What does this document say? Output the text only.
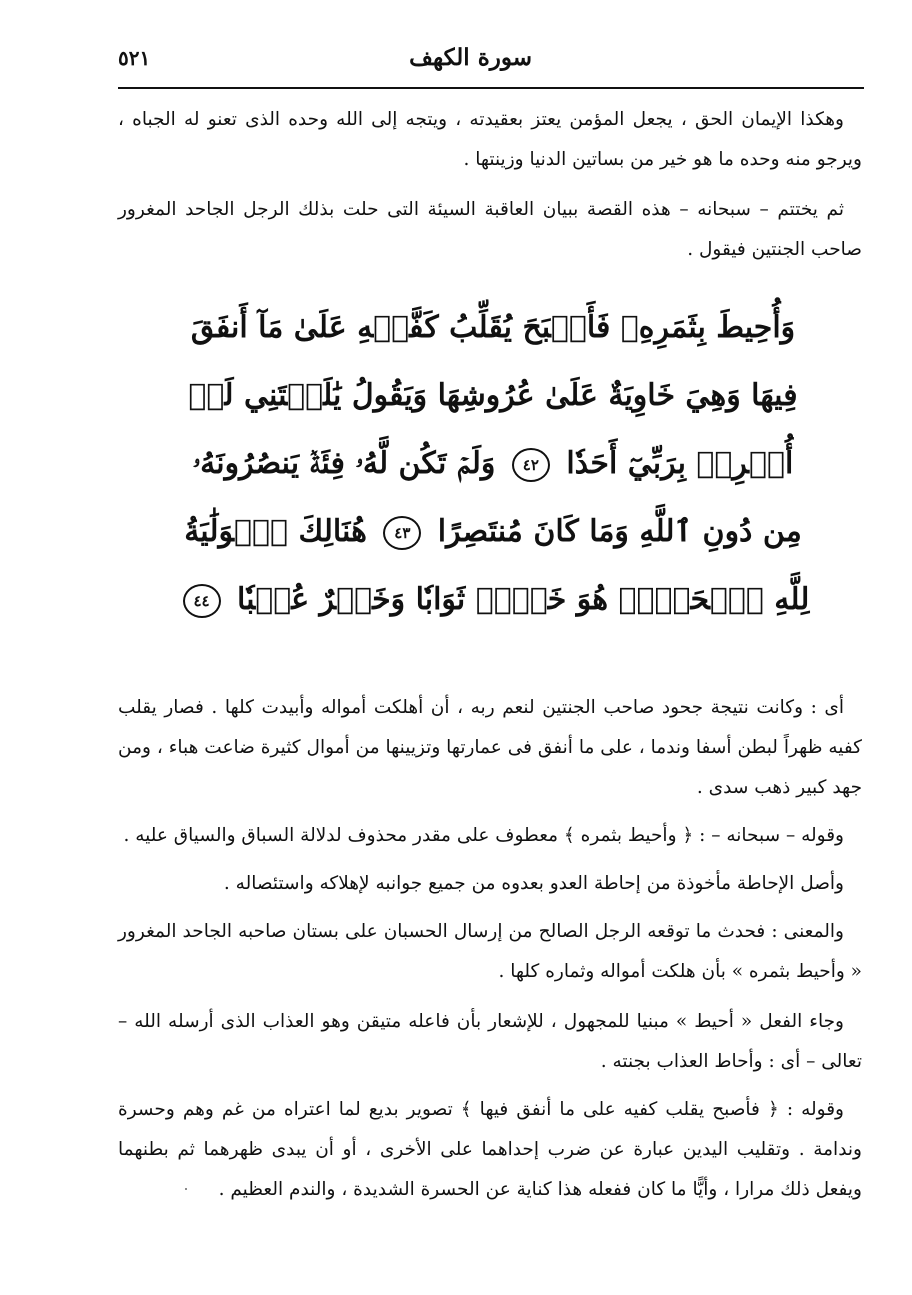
سورة الكهف
٥٢١

وهكذا الإيمان الحق ، يجعل المؤمن يعتز بعقيدته ، ويتجه إلى الله وحده الذى تعنو له الجباه ، ويرجو منه وحده ما هو خير من بساتين الدنيا وزينتها .

ثم يختتم – سبحانه – هذه القصة ببيان العاقبة السيئة التى حلت بذلك الرجل الجاحد المغرور صاحب الجنتين فيقول .

وَأُحِيطَ بِثَمَرِهِۦ فَأَصۡبَحَ يُقَلِّبُ كَفَّيۡهِ عَلَىٰ مَآ أَنفَقَ فِيهَا وَهِيَ خَاوِيَةٌ عَلَىٰ عُرُوشِهَا وَيَقُولُ يَٰلَيۡتَنِي لَمۡ أُشۡرِكۡ بِرَبِّيٓ أَحَدٗا ٤٢ وَلَمۡ تَكُن لَّهُۥ فِئَةٞ يَنصُرُونَهُۥ مِن دُونِ ٱللَّهِ وَمَا كَانَ مُنتَصِرًا ٤٣ هُنَالِكَ ٱلۡوَلَٰيَةُ لِلَّهِ ٱلۡحَقِّۚ هُوَ خَيۡرٞ ثَوَابٗا وَخَيۡرٌ عُقۡبٗا ٤٤

أى : وكانت نتيجة جحود صاحب الجنتين لنعم ربه ، أن أهلكت أمواله وأبيدت كلها . فصار يقلب كفيه ظهراً لبطن أسفا وندما ، على ما أنفق فى عمارتها وتزيينها من أموال كثيرة ضاعت هباء ، ومن جهد كبير ذهب سدى .

وقوله – سبحانه – : ﴿ وأحيط بثمره ﴾ معطوف على مقدر محذوف لدلالة السباق والسياق عليه .

وأصل الإحاطة مأخوذة من إحاطة العدو بعدوه من جميع جوانبه لإهلاكه واستئصاله .

والمعنى : فحدث ما توقعه الرجل الصالح من إرسال الحسبان على بستان صاحبه الجاحد المغرور « وأحيط بثمره » بأن هلكت أمواله وثماره كلها .

وجاء الفعل « أحيط » مبنيا للمجهول ، للإشعار بأن فاعله متيقن وهو العذاب الذى أرسله الله – تعالى – أى : وأحاط العذاب بجنته .

وقوله : ﴿ فأصبح يقلب كفيه على ما أنفق فيها ﴾ تصوير بديع لما اعتراه من غم وهم وحسرة وندامة . وتقليب اليدين عبارة عن ضرب إحداهما على الأخرى ، أو أن يبدى ظهرهما ثم بطنهما ويفعل ذلك مرارا ، وأيًّا ما كان ففعله هذا كناية عن الحسرة الشديدة ، والندم العظيم .
